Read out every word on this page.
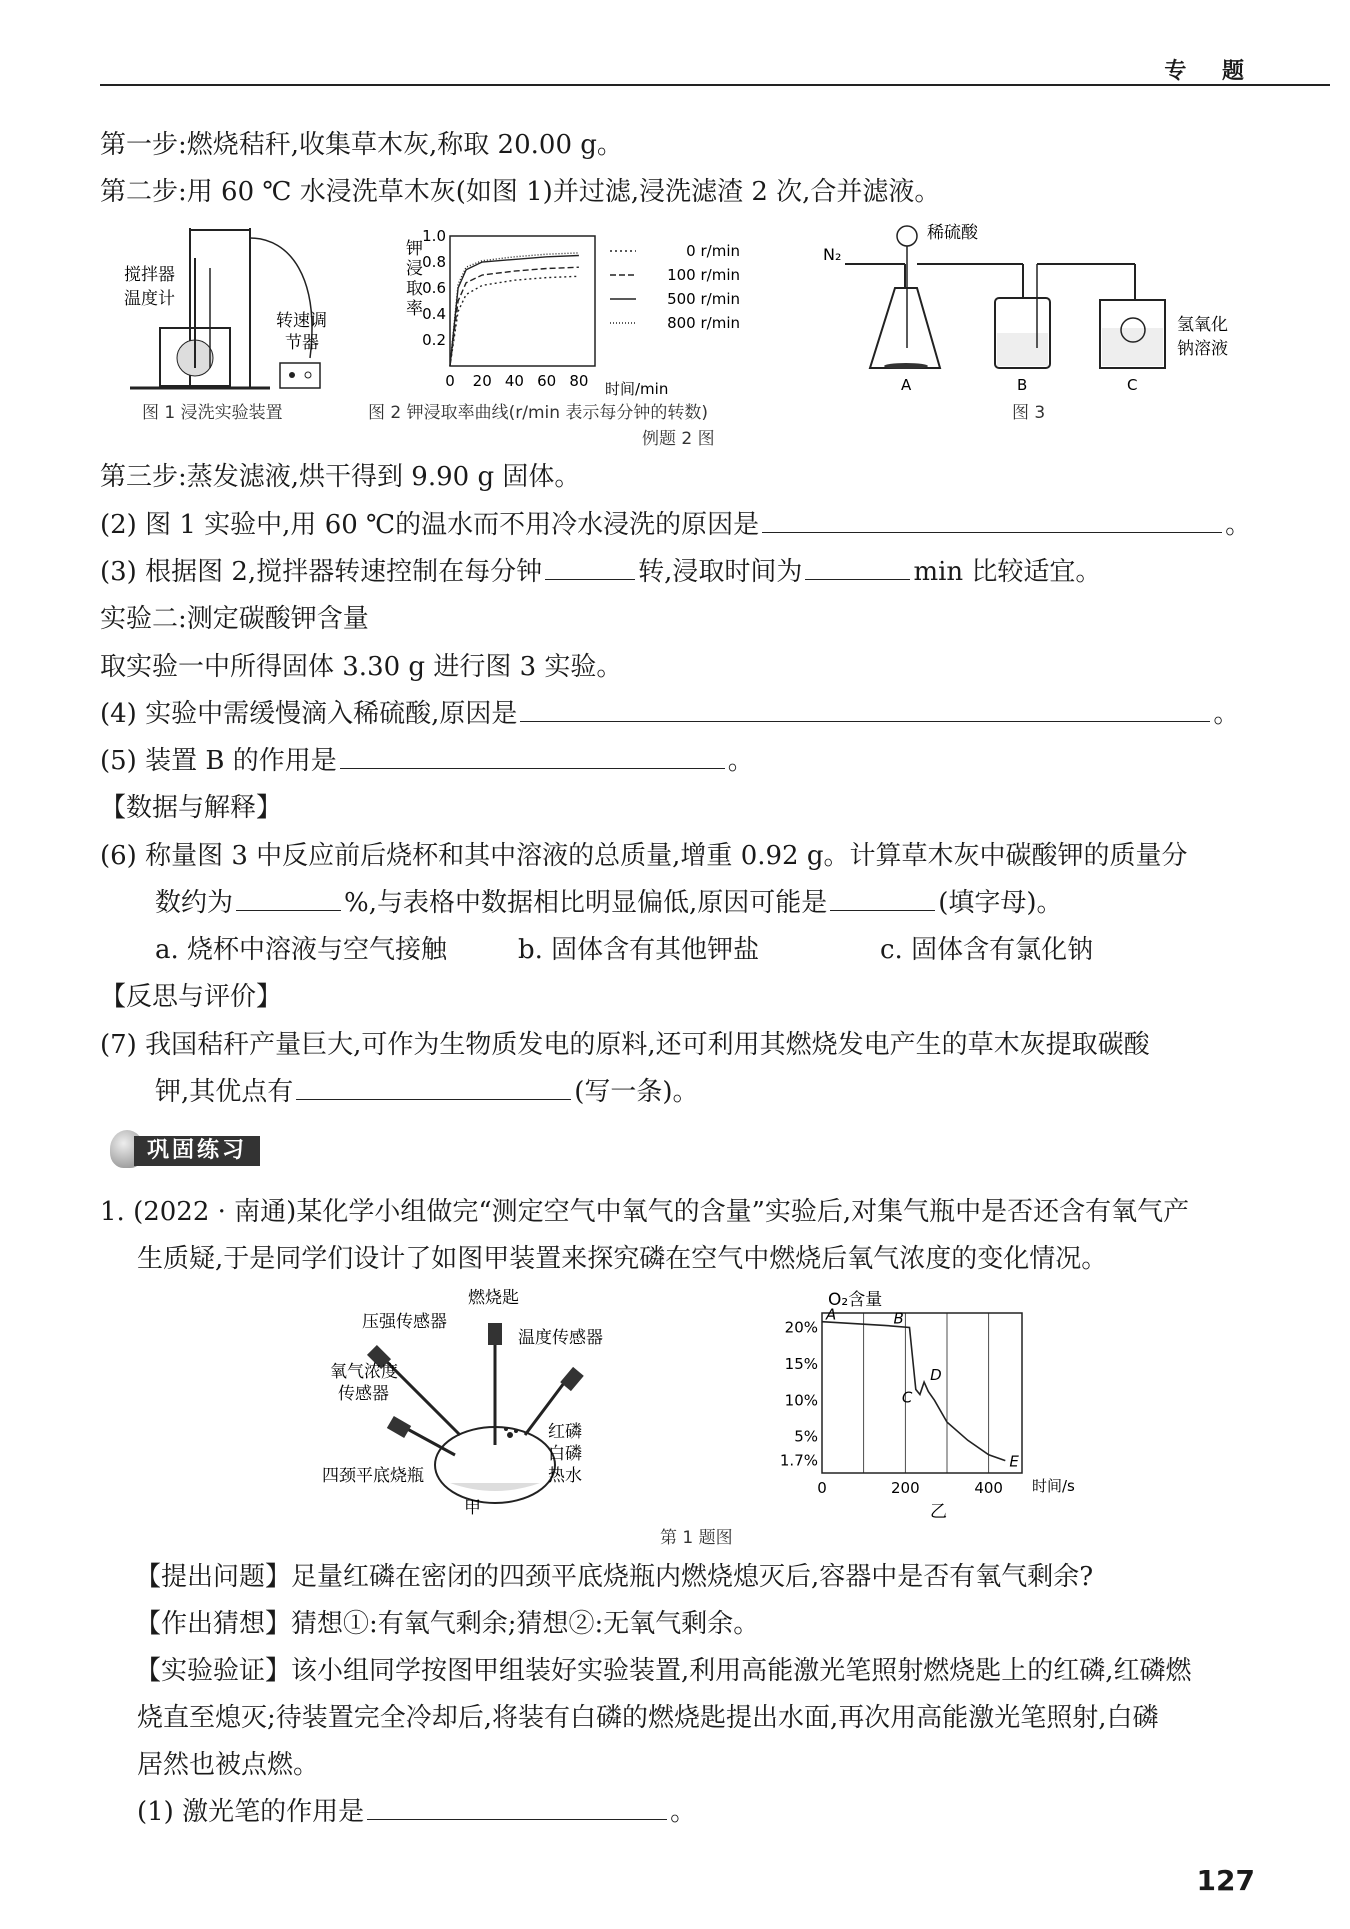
专 题
第一步:燃烧秸秆,收集草木灰,称取 20.00 g。
第二步:用 60 ℃ 水浸洗草木灰(如图 1)并过滤,浸洗滤渣 2 次,合并滤液。
搅拌器
温度计
转速调
节器
图 1 浸洗实验装置
1.0
0.8
0.6
0.4
0.2
0 20 40 60 80
0 r/min
100 r/min
500 r/min
800 r/min
钾
浸
取
率
时间/min
图 2 钾浸取率曲线(r/min 表示每分钟的转数)
N₂
稀硫酸
A	B	C
氢氧化
钠溶液
图 3
例题 2 图
第三步:蒸发滤液,烘干得到 9.90 g 固体。
(2) 图 1 实验中,用 60 ℃的温水而不用冷水浸洗的原因是	。
(3) 根据图 2,搅拌器转速控制在每分钟	转,浸取时间为	min 比较适宜。
实验二:测定碳酸钾含量
取实验一中所得固体 3.30 g 进行图 3 实验。
(4) 实验中需缓慢滴入稀硫酸,原因是	。
(5) 装置 B 的作用是	。
【数据与解释】
(6) 称量图 3 中反应前后烧杯和其中溶液的总质量,增重 0.92 g。计算草木灰中碳酸钾的质量分
数约为	%,与表格中数据相比明显偏低,原因可能是	(填字母)。
a. 烧杯中溶液与空气接触	b. 固体含有其他钾盐	c. 固体含有氯化钠
【反思与评价】
(7) 我国秸秆产量巨大,可作为生物质发电的原料,还可利用其燃烧发电产生的草木灰提取碳酸
钾,其优点有	(写一条)。
巩固练习
1. (2022 · 南通)某化学小组做完“测定空气中氧气的含量”实验后,对集气瓶中是否还含有氧气产
生质疑,于是同学们设计了如图甲装置来探究磷在空气中燃烧后氧气浓度的变化情况。
燃烧匙
压强传感器
温度传感器
氧气浓度
传感器
红磷
白磷
热水
四颈平底烧瓶
甲
20%
15%
10%
5%
1.7%
0	200	400
A	B
C
D
E
O₂含量
时间/s
乙
第 1 题图
【提出问题】足量红磷在密闭的四颈平底烧瓶内燃烧熄灭后,容器中是否有氧气剩余?
【作出猜想】猜想①:有氧气剩余;猜想②:无氧气剩余。
【实验验证】该小组同学按图甲组装好实验装置,利用高能激光笔照射燃烧匙上的红磷,红磷燃
烧直至熄灭;待装置完全冷却后,将装有白磷的燃烧匙提出水面,再次用高能激光笔照射,白磷
居然也被点燃。
(1) 激光笔的作用是	。
127
